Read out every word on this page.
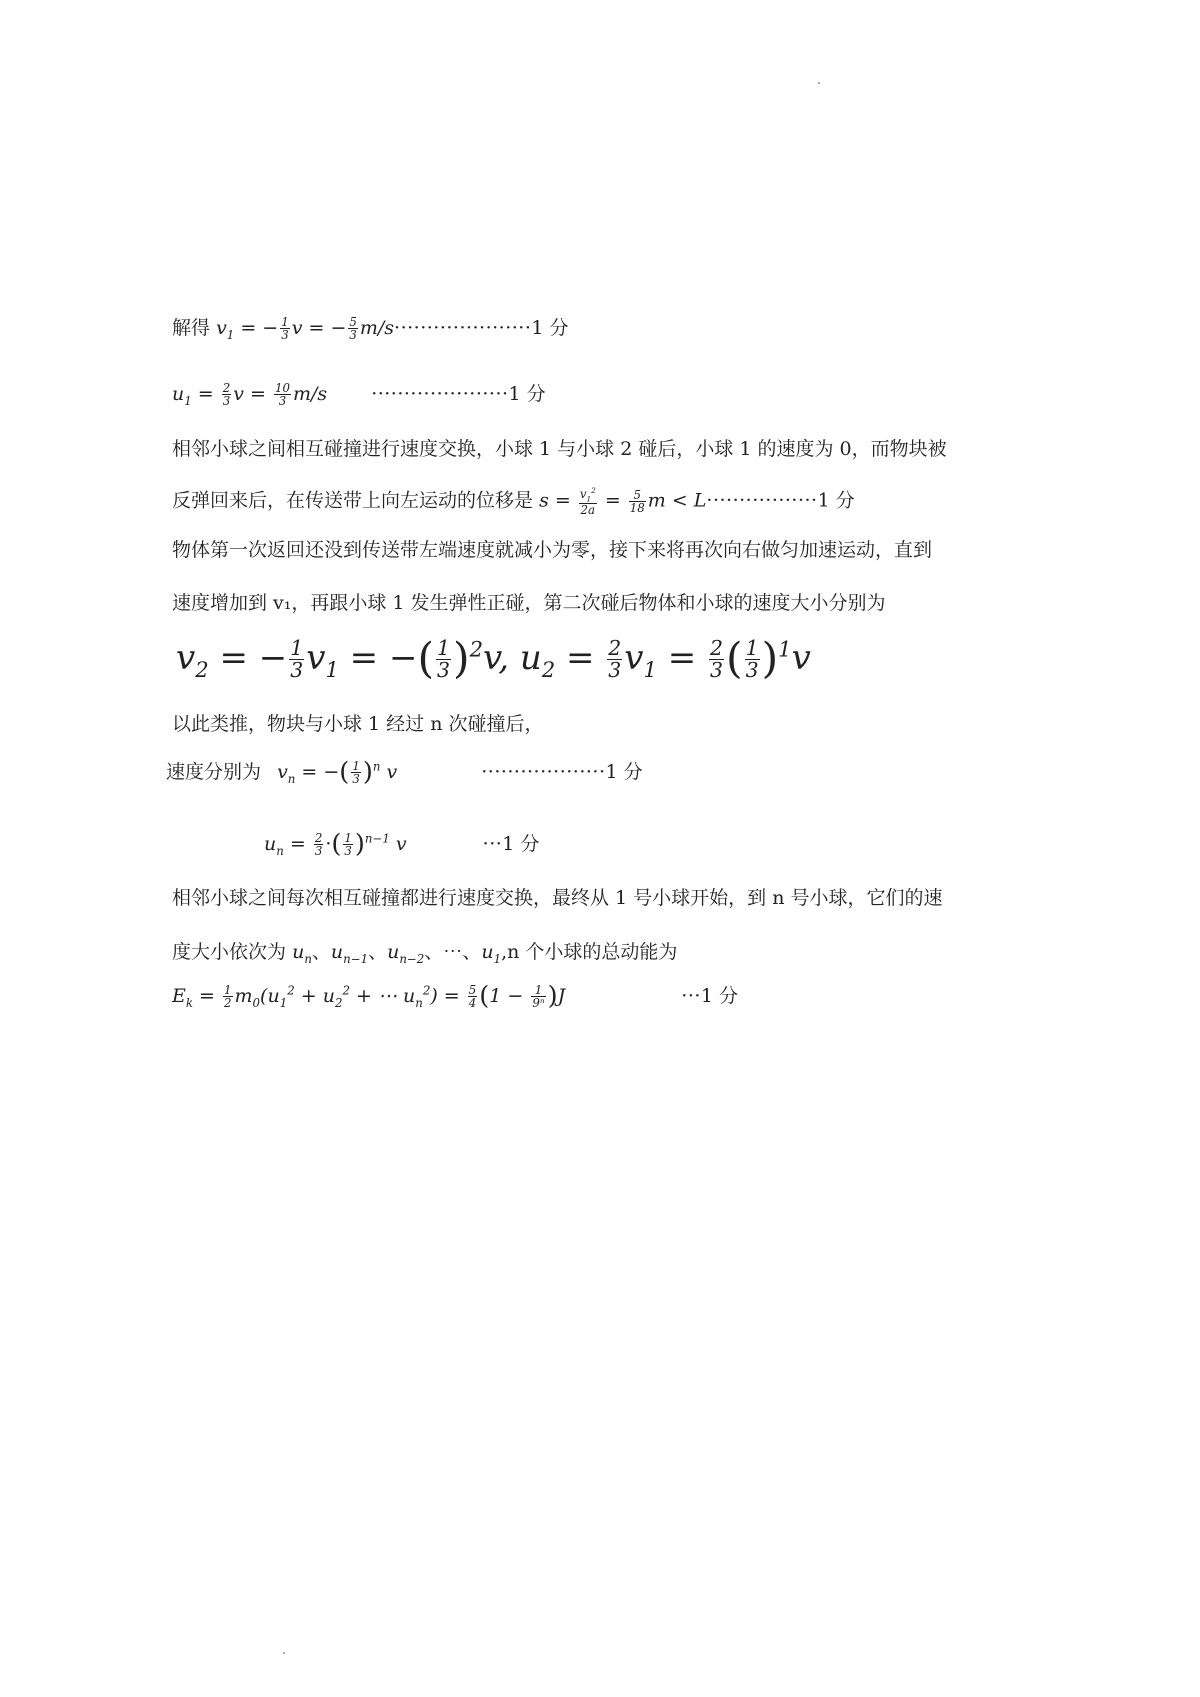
解得 $v_1$ = − $\frac{1}{3}$ v = − $\frac{5}{3} m/s\cdot\cdot\cdot\cdot\cdot\cdot\cdot\cdot\cdot\cdot\cdot\cdot\cdot\cdot\cdot\cdot\cdot\cdot\cdot\cdot\cdot 1$ 分
$u_1 = \frac{2}{3}$ $v = \frac{10}{3} m/s \cdot\cdot\cdot\cdot\cdot\cdot\cdot\cdot\cdot\cdot\cdot\cdot\cdot\cdot\cdot\cdot\cdot\cdot\cdot\cdot\cdot 1$ 分
相邻小球之间相互碰撞进行速度交换，小球 1 与小球 2 碰后，小球 1 的速度为 0，而物块被
反弹回来后，在传送带上向左运动的位移是 $s = \frac{v_1^2}{2a} = \frac{5}{18}$ m < L·················1 分
物体第一次返回还没到传送带左端速度就减小为零，接下来将再次向右做匀加速运动，直到
速度增加到 v₁，再跟小球 1 发生弹性正碰，第二次碰后物体和小球的速度大小分别为
$v_2$ = − $\frac{1}{3} v_1$ = −( $\frac{1}{3} )^2v$, $u_2 = \frac{2}{3} v_1 = \frac{2}{3}$ ( $\frac{1}{3} )^1v$
以此类推，物块与小球 1 经过 n 次碰撞后，
速度分别为 $v_n$ = −( $\frac{1}{3} )^n$ v	···················1 分
$u_n = \frac{2}{3}$ ·( $\frac{1}{3} )^{n-1}$ v	···1 分
相邻小球之间每次相互碰撞都进行速度交换，最终从 1 号小球开始，到 n 号小球，它们的速
度大小依次为 $u_n$、$u_{n-1}$、$u_{n-2}$、⋯、$u_1,n$ 个小球的总动能为
$E_k = \frac{1}{2} m_0(u_1^2 + u_2^2$ + ⋯ $u_n^2) = \frac{5}{4} (1 - \frac{1}{\text{9ⁿ}} )J$	···1 分
